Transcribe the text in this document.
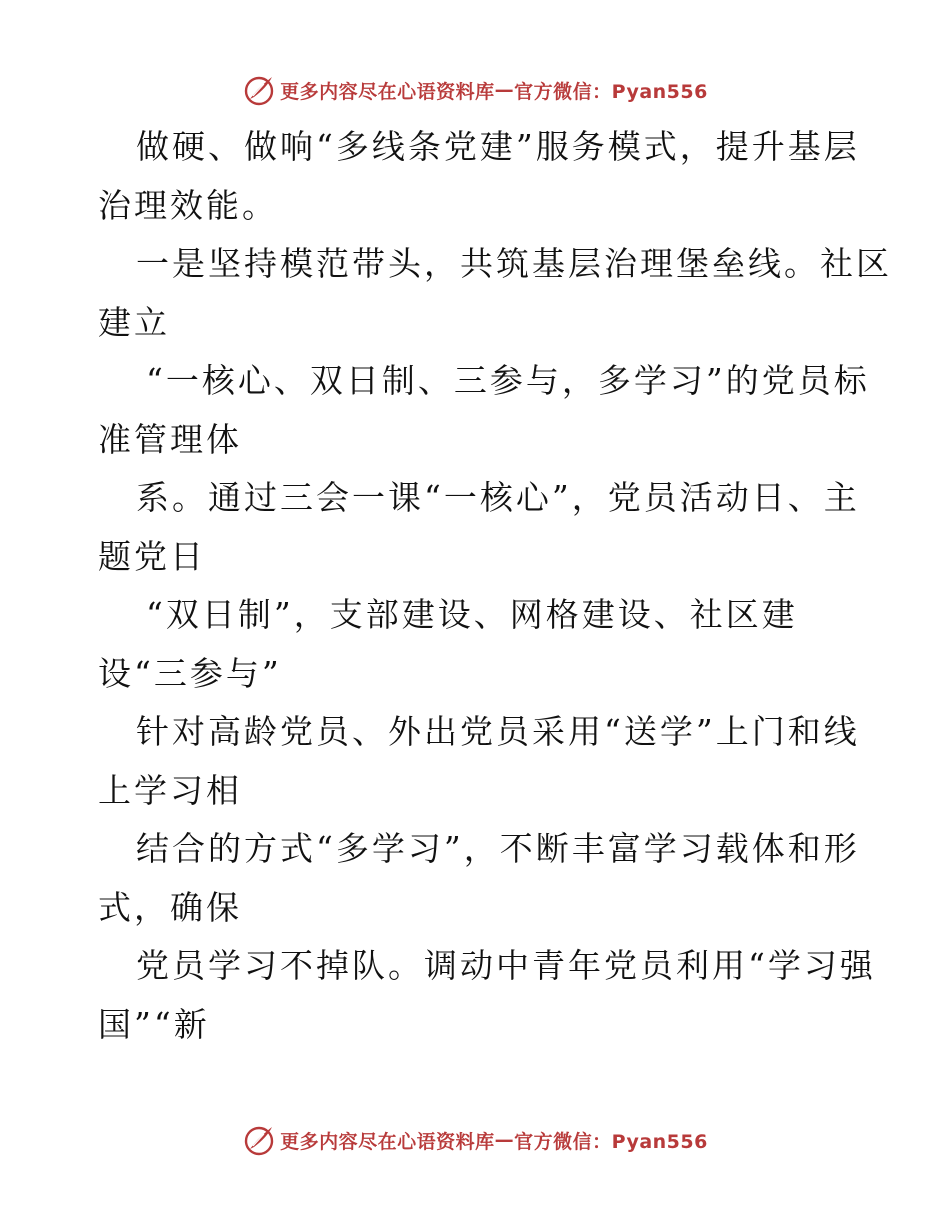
更多内容尽在心语资料库 — 官方微信：Pyan556
做硬、做响“多线条党建”服务模式，提升基层
治理效能。
一是坚持模范带头，共筑基层治理堡垒线。社区
建立
“一核心、双日制、三参与，多学习”的党员标
准管理体
系。通过三会一课“一核心”，党员活动日、主
题党日
“双日制”，支部建设、网格建设、社区建
设“三参与”
针对高龄党员、外出党员采用“送学”上门和线
上学习相
结合的方式“多学习”，不断丰富学习载体和形
式，确保
党员学习不掉队。调动中青年党员利用“学习强
国”“新
更多内容尽在心语资料库 — 官方微信：Pyan556
